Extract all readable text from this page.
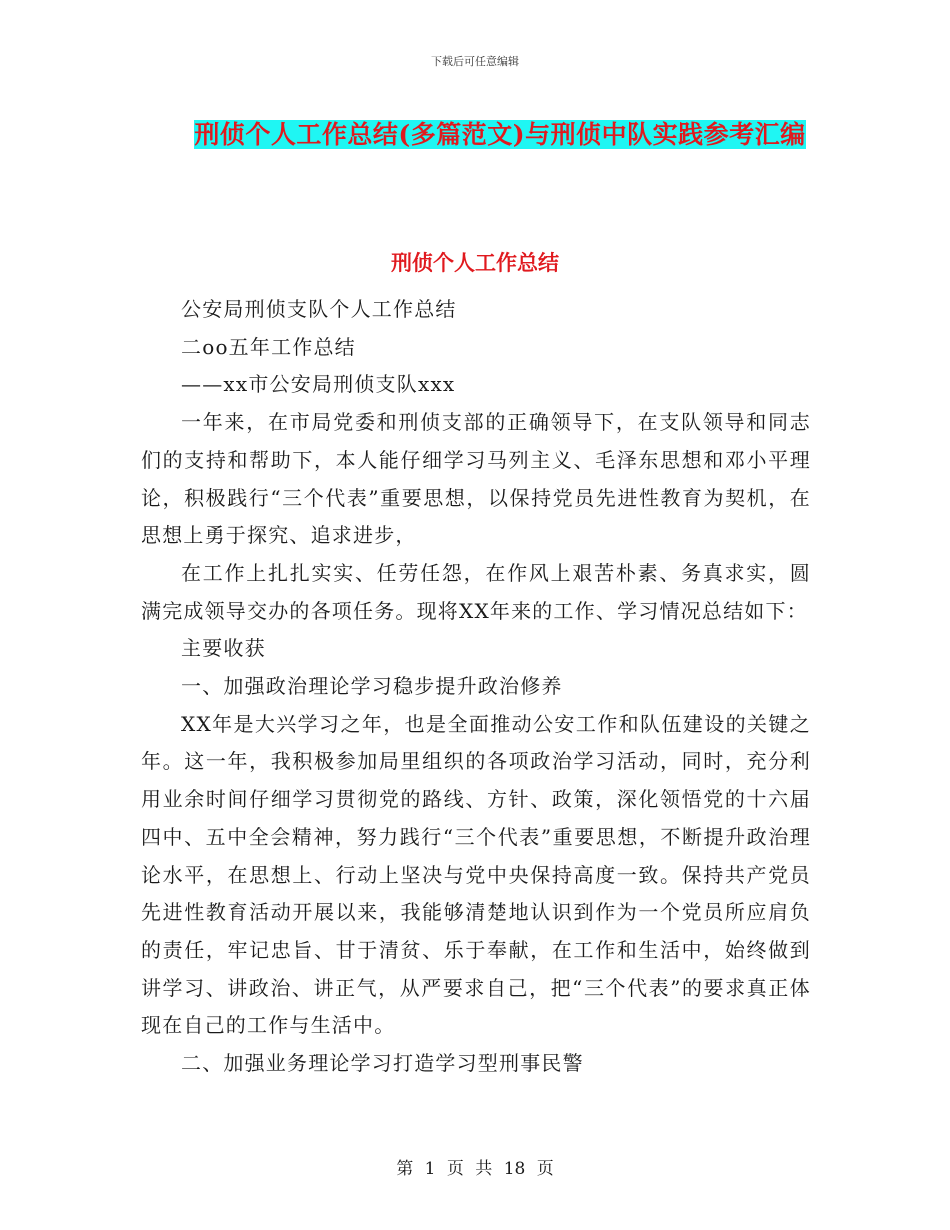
下载后可任意编辑
刑侦个人工作总结(多篇范文)与刑侦中队实践参考汇编
刑侦个人工作总结

公安局刑侦支队个人工作总结

二oo五年工作总结

——xx市公安局刑侦支队xxx

一年来，在市局党委和刑侦支部的正确领导下，在支队领导和同志们的支持和帮助下，本人能仔细学习马列主义、毛泽东思想和邓小平理论，积极践行“三个代表”重要思想，以保持党员先进性教育为契机，在思想上勇于探究、追求进步，

在工作上扎扎实实、任劳任怨，在作风上艰苦朴素、务真求实，圆满完成领导交办的各项任务。现将XX年来的工作、学习情况总结如下：

主要收获

一、加强政治理论学习稳步提升政治修养

XX年是大兴学习之年，也是全面推动公安工作和队伍建设的关键之年。这一年，我积极参加局里组织的各项政治学习活动，同时，充分利用业余时间仔细学习贯彻党的路线、方针、政策，深化领悟党的十六届四中、五中全会精神，努力践行“三个代表”重要思想，不断提升政治理论水平，在思想上、行动上坚决与党中央保持高度一致。保持共产党员先进性教育活动开展以来，我能够清楚地认识到作为一个党员所应肩负的责任，牢记忠旨、甘于清贫、乐于奉献，在工作和生活中，始终做到讲学习、讲政治、讲正气，从严要求自己，把“三个代表”的要求真正体现在自己的工作与生活中。

二、加强业务理论学习打造学习型刑事民警

第 1 页 共 18 页
